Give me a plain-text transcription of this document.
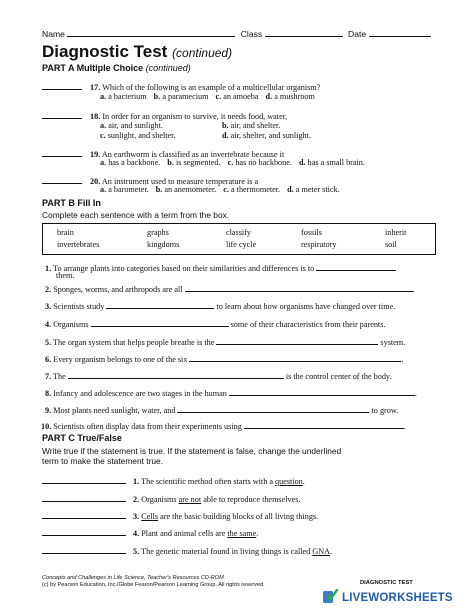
Name	Class	Date
Diagnostic Test (continued)
PART A Multiple Choice (continued)
17. Which of the following is an example of a multicellular organism?
a. a bacterium b. a paramecium c. an amoeba d. a mushroom
18. In order for an organism to survive, it needs food, water,
a. air, and sunlight.	b. air, and shelter.
c. sunlight, and shelter.	d. air, shelter, and sunlight.
19. An earthworm is classified as an invertebrate because it
a. has a backbone. b. is segmented. c. has no backbone. d. has a small brain.
20. An instrument used to measure temperature is a
a. a barometer. b. an anemometer. c. a thermometer. d. a meter stick.
PART B Fill In
Complete each sentence with a term from the box.
brain	graphs	classify	fossils	inherit
invertebrates	kingdoms	life cycle	respiratory	soil
1. To arrange plants into categories based on their similarities and differences is to
them.
2. Sponges, worms, and arthropods are all	.
3. Scientists study	to learn about how organisms have changed over time.
4. Organisms	some of their characteristics from their parents.
5. The organ system that helps people breathe is the	system.
6. Every organism belongs to one of the six	.
7. The	is the control center of the body.
8. Infancy and adolescence are two stages in the human	.
9. Most plants need sunlight, water, and	to grow.
10. Scientists often display data from their experiments using	.
PART C True/False
Write true if the statement is true. If the statement is false, change the underlined
term to make the statement true.
1. The scientific method often starts with a question.
2. Organisms are not able to reproduce themselves.
3. Cells are the basic building blocks of all living things.
4. Plant and animal cells are the same.
5. The genetic material found in living things is called GNA.
Concepts and Challenges in Life Science, Teacher's Resources CD-ROM
(c) by Pearson Education, Inc./Globe Fearon/Pearson Learning Group. All rights reserved.	DIAGNOSTIC TEST
LIVEWORKSHEETS
